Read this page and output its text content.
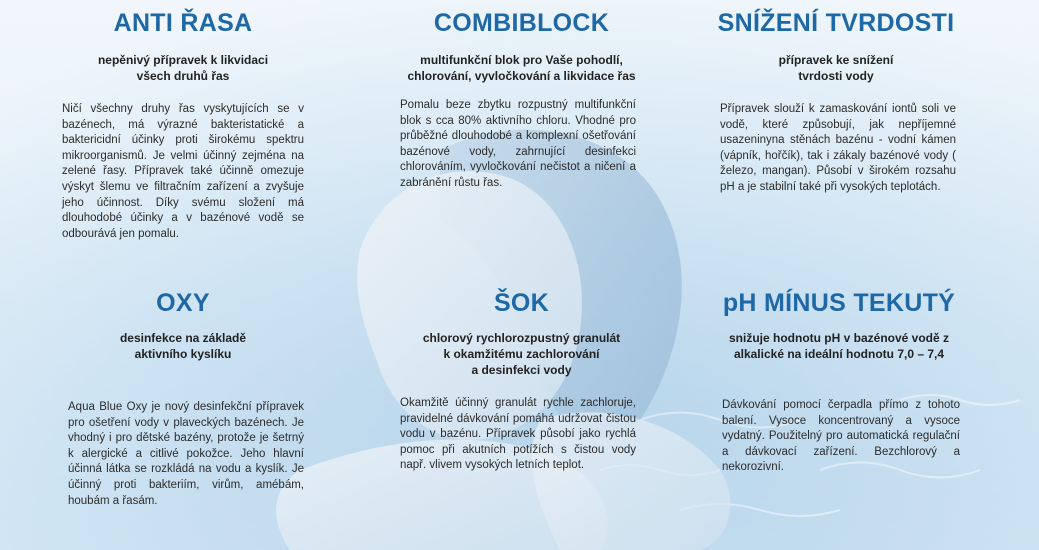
ANTI ŘASA

nepěnivý přípravek k likvidaci
všech druhů řas

Ničí všechny druhy řas vyskytujících se v bazénech, má výrazné bakteristatické a baktericidní účinky proti širokému spektru mikroorganismů. Je velmi účinný zejména na zelené řasy. Přípravek také účinně omezuje výskyt šlemu ve filtračním zařízení a zvyšuje jeho účinnost. Díky svému složení má dlouhodobé účinky a v bazénové vodě se odbourává jen pomalu.

COMBIBLOCK

multifunkční blok pro Vaše pohodlí,
chlorování, vyvločkování a likvidace řas

Pomalu beze zbytku rozpustný multifunkční blok s cca 80% aktivního chloru. Vhodné pro průběžné dlouhodobé a komplexní ošetřování bazénové vody, zahrnující desinfekci chlorováním, vyvločkování nečistot a ničení a zabránění růstu řas.

SNÍŽENÍ TVRDOSTI

přípravek ke snížení
tvrdosti vody

Přípravek slouží k zamaskování iontů soli ve vodě, které způsobují, jak nepříjemné usazeninyna stěnách bazénu - vodní kámen (vápník, hořčík), tak i zákaly bazénové vody ( železo, mangan). Působí v širokém rozsahu pH a je stabilní také při vysokých teplotách.

OXY

desinfekce na základě
aktivního kyslíku

Aqua Blue Oxy je nový desinfekční přípravek pro ošetření vody v plaveckých bazénech. Je vhodný i pro dětské bazény, protože je šetrný k alergické a citlivé pokožce. Jeho hlavní účinná látka se rozkládá na vodu a kyslík. Je účinný proti bakteriím, virům, amébám, houbám a řasám.

ŠOK

chlorový rychlorozpustný granulát
k okamžitému zachlorování
a desinfekci vody

Okamžitě účinný granulát rychle zachloruje, pravidelné dávkování pomáhá udržovat čistou vodu v bazénu. Přípravek působí jako rychlá pomoc při akutních potížích s čistou vody např. vlivem vysokých letních teplot.

pH MÍNUS TEKUTÝ

snižuje hodnotu pH v bazénové vodě z
alkalické na ideální hodnotu 7,0 – 7,4

Dávkování pomocí čerpadla přímo z tohoto balení. Vysoce koncentrovaný a vysoce vydatný. Použitelný pro automatická regulační a dávkovací zařízení. Bezchlorový a nekorozivní.
